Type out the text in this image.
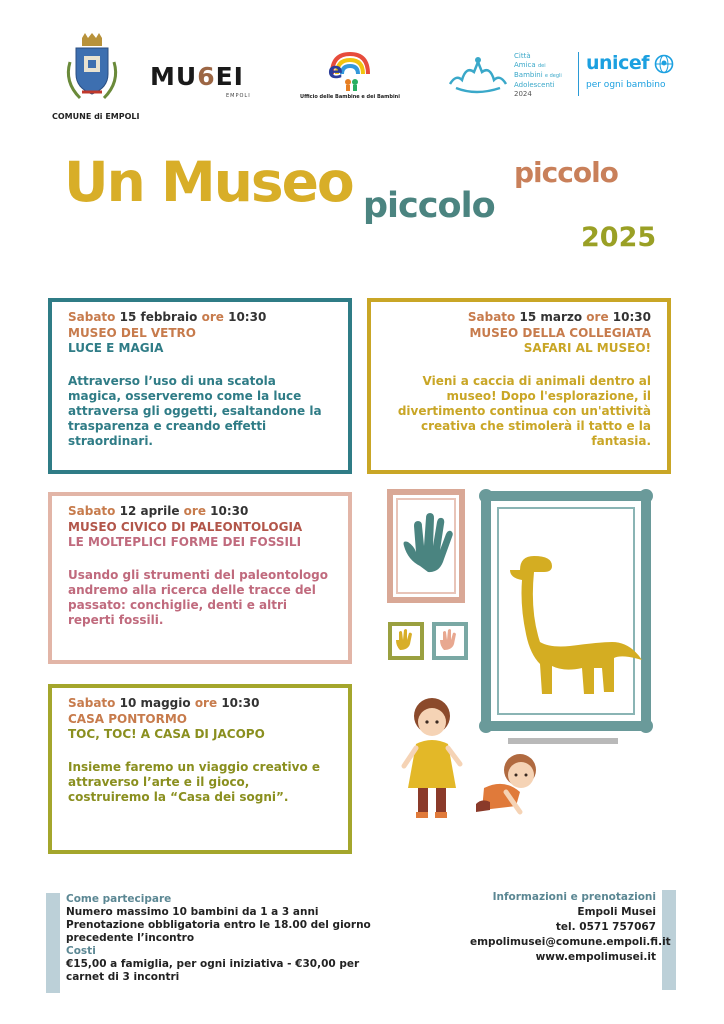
COMUNE di EMPOLI
MU6EI
EMPOLI
e
Ufficio delle Bambine e dei Bambini
Città
Amica dei
Bambini e degli
Adolescenti
2024
unicef
per ogni bambino
Un Museo piccolo
piccolo
2025
Sabato 15 febbraio ore 10:30
MUSEO DEL VETRO
LUCE E MAGIA
Attraverso l’uso di una scatola magica, osserveremo come la luce attraversa gli oggetti, esaltandone la trasparenza e creando effetti straordinari.
Sabato 15 marzo ore 10:30
MUSEO DELLA COLLEGIATA
SAFARI AL MUSEO!
Vieni a caccia di animali dentro al museo! Dopo l'esplorazione, il divertimento continua con un'attività creativa che stimolerà il tatto e la fantasia.
Sabato 12 aprile ore 10:30
MUSEO CIVICO DI PALEONTOLOGIA
LE MOLTEPLICI FORME DEI FOSSILI
Usando gli strumenti del paleontologo andremo alla ricerca delle tracce del passato: conchiglie, denti e altri reperti fossili.
Sabato 10 maggio ore 10:30
CASA PONTORMO
TOC, TOC! A CASA DI JACOPO
Insieme faremo un viaggio creativo e attraverso l’arte e il gioco, costruiremo la “Casa dei sogni”.
Come partecipare
Numero massimo 10 bambini da 1 a 3 anni
Prenotazione obbligatoria entro le 18.00 del giorno precedente l’incontro
Costi
€15,00 a famiglia, per ogni iniziativa - €30,00 per carnet di 3 incontri
Informazioni e prenotazioni
Empoli Musei
tel. 0571 757067
empolimusei@comune.empoli.fi.it
www.empolimusei.it
